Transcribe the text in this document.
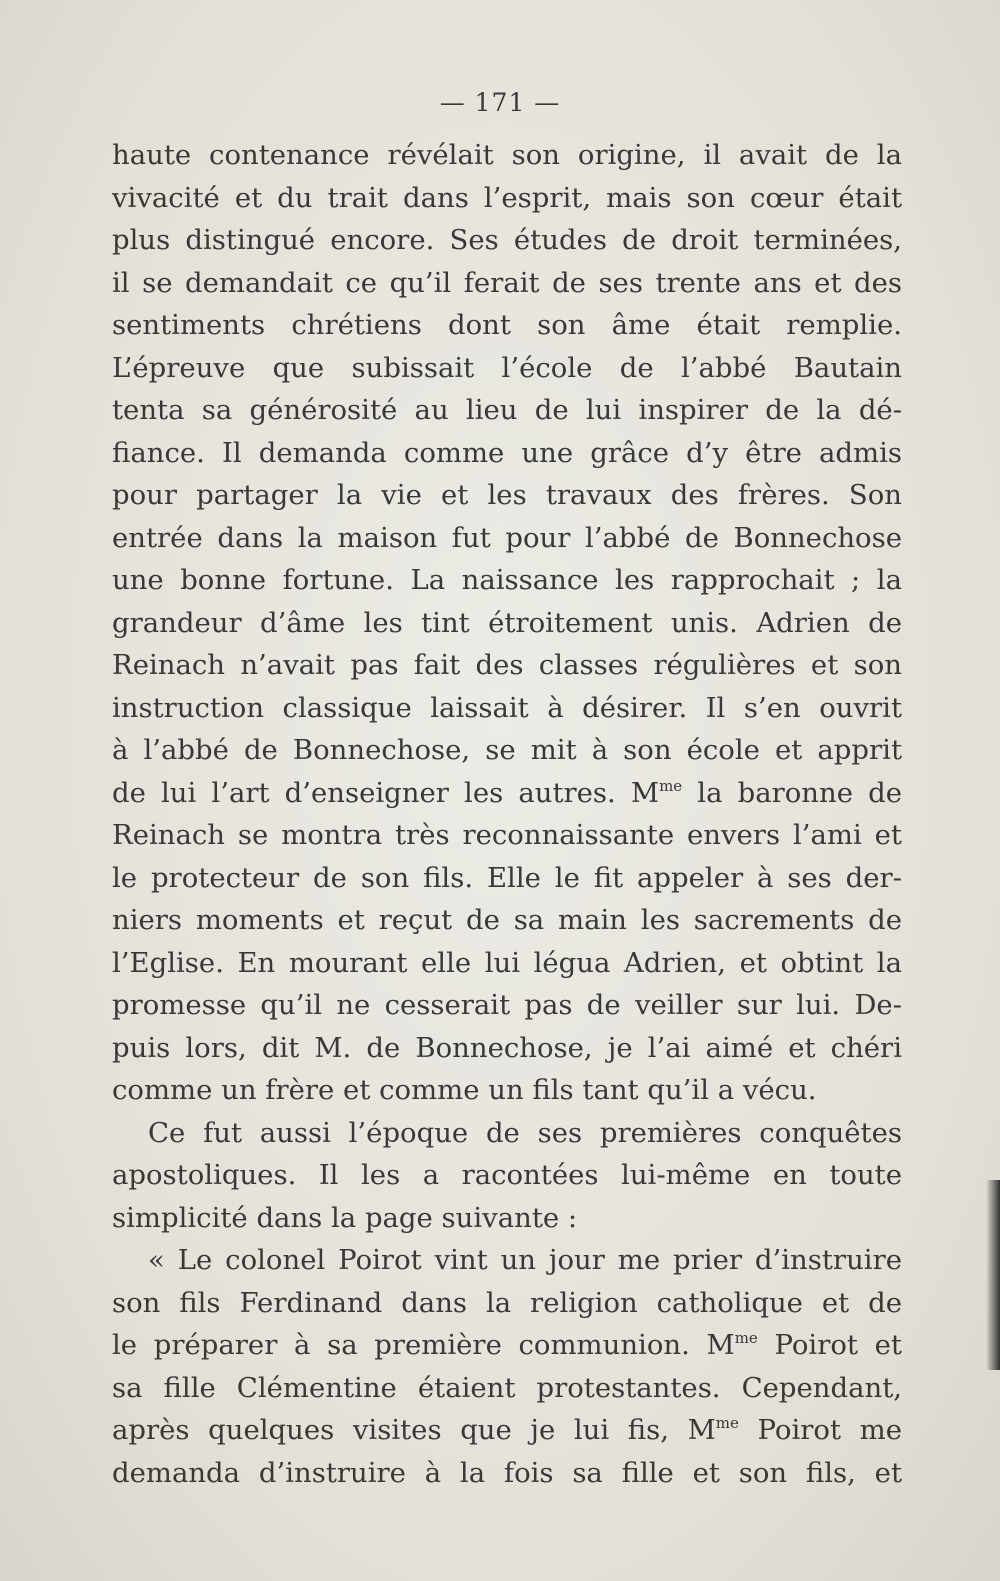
— 171 —
haute contenance révélait son origine, il avait de la
vivacité et du trait dans l’esprit, mais son cœur était
plus distingué encore. Ses études de droit terminées,
il se demandait ce qu’il ferait de ses trente ans et des
sentiments chrétiens dont son âme était remplie.
L’épreuve que subissait l’école de l’abbé Bautain
tenta sa générosité au lieu de lui inspirer de la dé-
fiance. Il demanda comme une grâce d’y être admis
pour partager la vie et les travaux des frères. Son
entrée dans la maison fut pour l’abbé de Bonnechose
une bonne fortune. La naissance les rapprochait ; la
grandeur d’âme les tint étroitement unis. Adrien de
Reinach n’avait pas fait des classes régulières et son
instruction classique laissait à désirer. Il s’en ouvrit
à l’abbé de Bonnechose, se mit à son école et apprit
de lui l’art d’enseigner les autres. $M^{me}$ la baronne de
Reinach se montra très reconnaissante envers l’ami et
le protecteur de son fils. Elle le fit appeler à ses der-
niers moments et reçut de sa main les sacrements de
l’Eglise. En mourant elle lui légua Adrien, et obtint la
promesse qu’il ne cesserait pas de veiller sur lui. De-
puis lors, dit M. de Bonnechose, je l’ai aimé et chéri
comme un frère et comme un fils tant qu’il a vécu.
Ce fut aussi l’époque de ses premières conquêtes
apostoliques. Il les a racontées lui-même en toute
simplicité dans la page suivante :
« Le colonel Poirot vint un jour me prier d’instruire
son fils Ferdinand dans la religion catholique et de
le préparer à sa première communion. $M^{me}$ Poirot et
sa fille Clémentine étaient protestantes. Cependant,
après quelques visites que je lui fis, $M^{me}$ Poirot me
demanda d’instruire à la fois sa fille et son fils, et
